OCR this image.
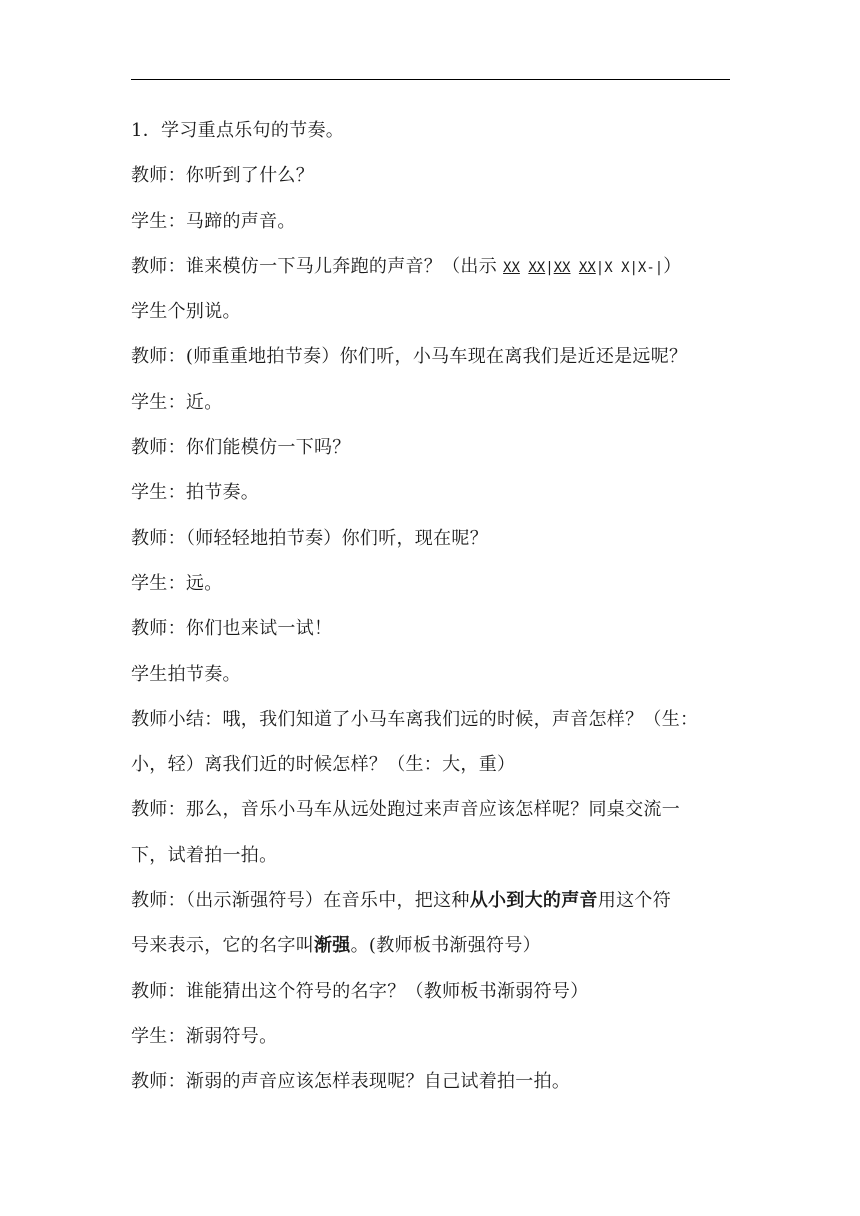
1．学习重点乐句的节奏。
教师：你听到了什么？
学生：马蹄的声音。
教师：谁来模仿一下马儿奔跑的声音？（出示 XX XX|XX XX|X X|X-|）
学生个别说。
教师：(师重重地拍节奏）你们听，小马车现在离我们是近还是远呢？
学生：近。
教师：你们能模仿一下吗？
学生：拍节奏。
教师：（师轻轻地拍节奏）你们听，现在呢？
学生：远。
教师：你们也来试一试！
学生拍节奏。
教师小结：哦，我们知道了小马车离我们远的时候，声音怎样？（生：
小，轻）离我们近的时候怎样？（生：大，重）
教师：那么，音乐小马车从远处跑过来声音应该怎样呢？同桌交流一
下，试着拍一拍。
教师：（出示渐强符号）在音乐中，把这种从小到大的声音用这个符
号来表示，它的名字叫渐强。(教师板书渐强符号）
教师：谁能猜出这个符号的名字？（教师板书渐弱符号）
学生：渐弱符号。
教师：渐弱的声音应该怎样表现呢？自己试着拍一拍。
